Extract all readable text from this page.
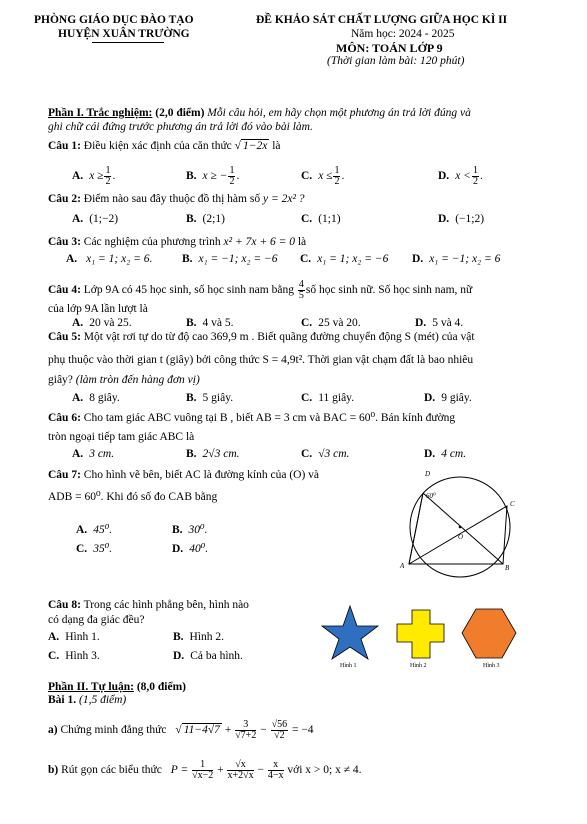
PHÒNG GIÁO DỤC ĐÀO TẠO
HUYỆN XUÂN TRƯỜNG
ĐỀ KHẢO SÁT CHẤT LƯỢNG GIỮA HỌC KÌ II
Năm học: 2024 - 2025
MÔN: TOÁN LỚP 9
(Thời gian làm bài: 120 phút)
Phần I. Trắc nghiệm: (2,0 điểm) Mỗi câu hỏi, em hãy chọn một phương án trả lời đúng và
ghi chữ cái đứng trước phương án trả lời đó vào bài làm.
Câu 1: Điều kiện xác định của căn thức √ 1−2x là
A. $x \ge \frac{1}{2}$ .	B. x ≥ − $\frac{1}{2}$ .	C. $x \le \frac{1}{2}$ .	D. $x < \frac{1}{2}$ .
Câu 2: Điểm nào sau đây thuộc đồ thị hàm số y = 2x² ?
A. (1;−2)	B. (2;1)	C. (1;1)	D. (−1;2)
Câu 3: Các nghiệm của phương trình x² + 7x + 6 = 0 là
A. x₁ = 1; x₂ = 6.	B. x₁ = −1; x₂ = −6 C. x₁ = 1; x₂ = −6 D. x₁ = −1; x₂ = 6
Câu 4: Lớp 9A có 45 học sinh, số học sinh nam bằng $\frac{4}{5}$ số học sinh nữ. Số học sinh nam, nữ
của lớp 9A lần lượt là
A. 20 và 25.	B. 4 và 5.	C. 25 và 20.	D. 5 và 4.
Câu 5: Một vật rơi tự do từ độ cao 369,9 m . Biết quãng đường chuyển động S (mét) của vật
phụ thuộc vào thời gian t (giây) bởi công thức S = 4,9t². Thời gian vật chạm đất là bao nhiêu
giây? (làm tròn đến hàng đơn vị)
A. 8 giây.	B. 5 giây.	C. 11 giây.	D. 9 giây.
Câu 6: Cho tam giác ABC vuông tại B , biết AB = 3 cm và BAC = 60⁰. Bán kính đường
tròn ngoại tiếp tam giác ABC là
A. 3 cm.	B. 2√3 cm.	C. √3 cm.	D. 4 cm.
Câu 7: Cho hình vẽ bên, biết AC là đường kính của (O) và
ADB = 60⁰. Khi đó số đo CAB bằng
A. 45⁰.	B. 30⁰.
C. 35⁰.	D. 40⁰.
D
C
O
A	B
60⁰
Câu 8: Trong các hình phẳng bên, hình nào
có dạng đa giác đều?
A. Hình 1.	B. Hình 2.
C. Hình 3.	D. Cả ba hình.
Hình 1	Hình 2	Hình 3
Phần II. Tự luận: (8,0 điểm)
Bài 1. (1,5 điểm)
a) Chứng minh đẳng thức √ $11-4√7 + \frac{3}{√7+2} - \frac{√56}{√2} = -4$
b) Rút gọn các biểu thức $P = \frac{1}{√x-2} + \frac{√x}{x+2√x} - \frac{x}{4-x}$ với x > 0; x ≠ 4.
